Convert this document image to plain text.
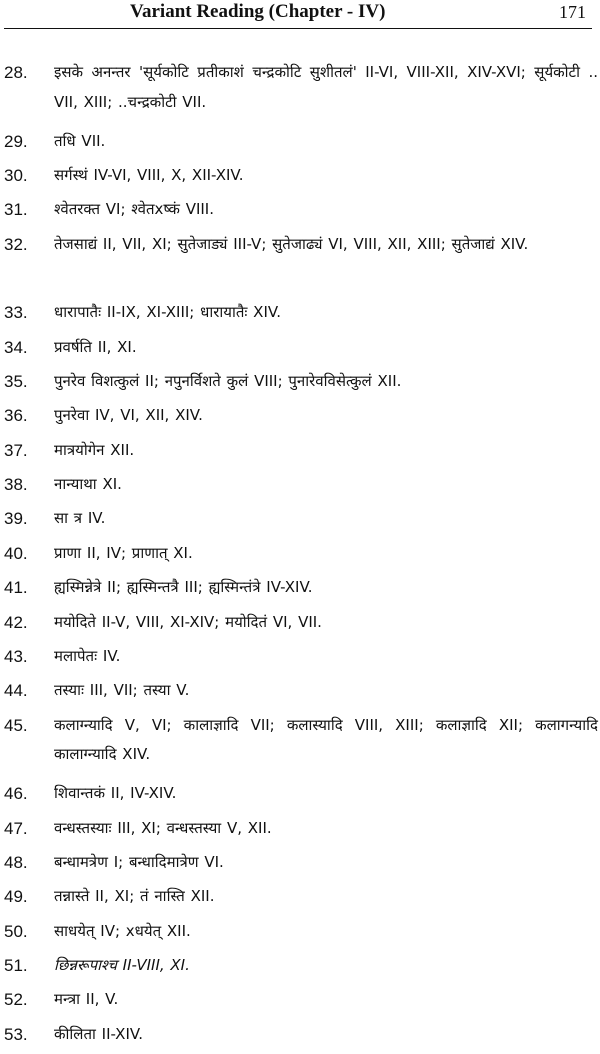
Variant Reading (Chapter - IV)	171
28.	इसके अनन्तर 'सूर्यकोटि प्रतीकाशं चन्द्रकोटि सुशीतलं' II-VI, VIII-XII, XIV-XVI; सूर्यकोटी .. VII, XIII; ..चन्द्रकोटी VII.
29.	तधि VII.
30.	सर्गस्थं IV-VI, VIII, X, XII-XIV.
31.	श्वेतरक्त VI; श्वेतxष्कं VIII.
32.	तेजसाद्यं II, VII, XI; सुतेजाड्यं III-V; सुतेजाढ्यं VI, VIII, XII, XIII; सुतेजाद्यं XIV.
33.	धारापातैः II-IX, XI-XIII; धारायातैः XIV.
34.	प्रवर्षति II, XI.
35.	पुनरेव विशत्कुलं II; नपुनर्विशते कुलं VIII; पुनारेवविसेत्कुलं XII.
36.	पुनरेवा IV, VI, XII, XIV.
37.	मात्रयोगेन XII.
38.	नान्याथा XI.
39.	सा त्र IV.
40.	प्राणा II, IV; प्राणात् XI.
41.	ह्यस्मिन्नेत्रे II; ह्यस्मिन्तत्रै III; ह्यस्मिन्तंत्रे IV-XIV.
42.	मयोदिते II-V, VIII, XI-XIV; मयोदितं VI, VII.
43.	मलापेतः IV.
44.	तस्याः III, VII; तस्या V.
45.	कलाग्न्यादि V, VI; कालाज्ञादि VII; कलास्यादि VIII, XIII; कलाज्ञादि XII; कलागन्यादि कालाग्न्यादि XIV.
46.	शिवान्तकं II, IV-XIV.
47.	वन्धस्तस्याः III, XI; वन्धस्तस्या V, XII.
48.	बन्धामत्रेण I; बन्धादिमात्रेण VI.
49.	तन्नास्ते II, XI; तं नास्ति XII.
50.	साधयेत् IV; xधयेत् XII.
51.	छिन्नरूपाश्च II-VIII, XI.
52.	मन्त्रा II, V.
53.	कीलिता II-XIV.
